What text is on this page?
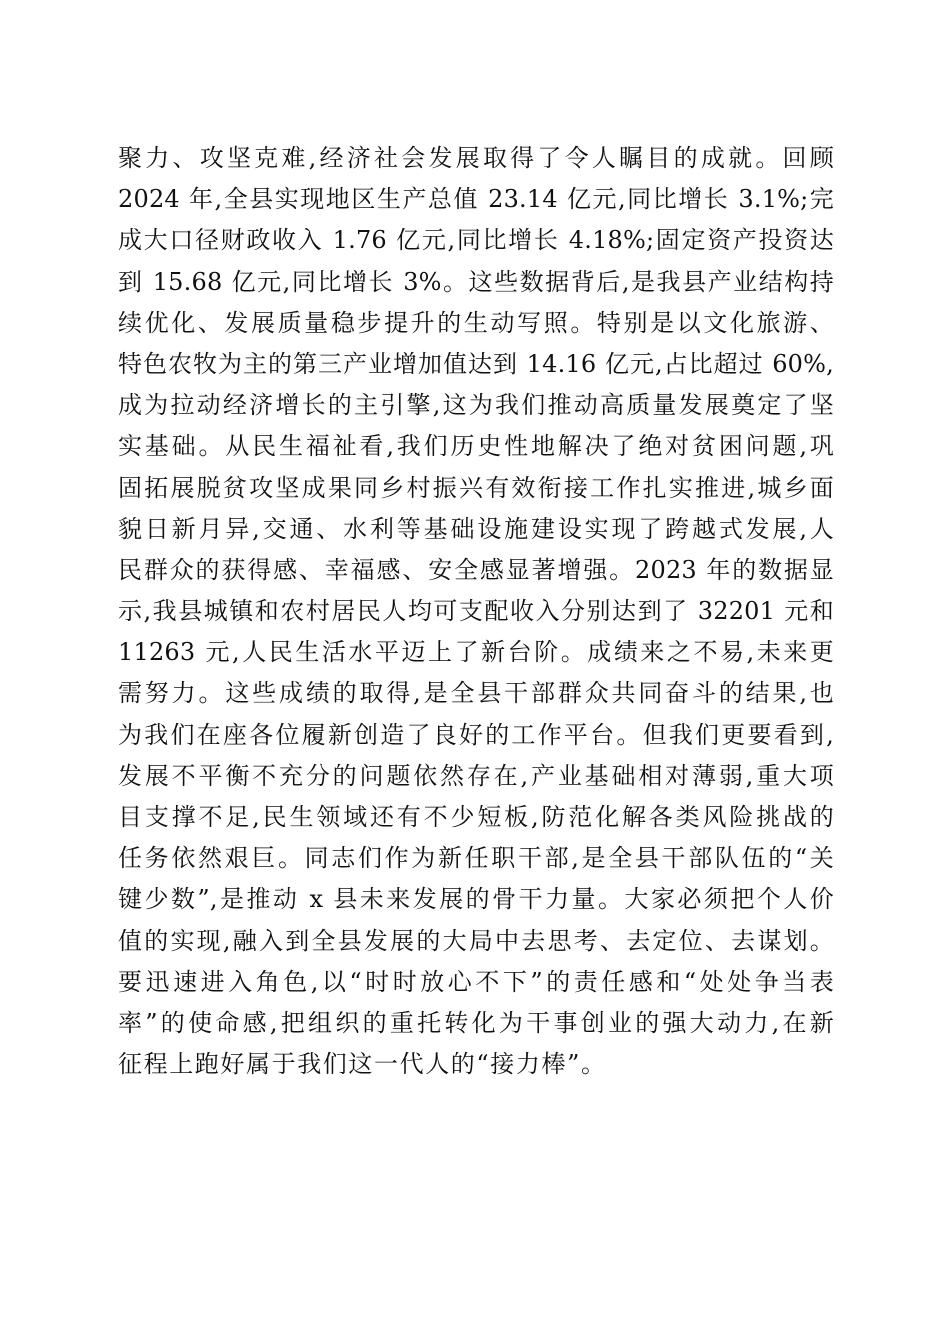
聚力、攻坚克难,经济社会发展取得了令人瞩目的成就。回顾
2024 年,全县实现地区生产总值 23.14 亿元,同比增长 3.1%;完
成大口径财政收入 1.76 亿元,同比增长 4.18%;固定资产投资达
到 15.68 亿元,同比增长 3%。这些数据背后,是我县产业结构持
续优化、发展质量稳步提升的生动写照。特别是以文化旅游、
特色农牧为主的第三产业增加值达到 14.16 亿元,占比超过 60%,
成为拉动经济增长的主引擎,这为我们推动高质量发展奠定了坚
实基础。从民生福祉看,我们历史性地解决了绝对贫困问题,巩
固拓展脱贫攻坚成果同乡村振兴有效衔接工作扎实推进,城乡面
貌日新月异,交通、水利等基础设施建设实现了跨越式发展,人
民群众的获得感、幸福感、安全感显著增强。2023 年的数据显
示,我县城镇和农村居民人均可支配收入分别达到了 32201 元和
11263 元,人民生活水平迈上了新台阶。成绩来之不易,未来更
需努力。这些成绩的取得,是全县干部群众共同奋斗的结果,也
为我们在座各位履新创造了良好的工作平台。但我们更要看到,
发展不平衡不充分的问题依然存在,产业基础相对薄弱,重大项
目支撑不足,民生领域还有不少短板,防范化解各类风险挑战的
任务依然艰巨。同志们作为新任职干部,是全县干部队伍的“关
键少数”,是推动 x 县未来发展的骨干力量。大家必须把个人价
值的实现,融入到全县发展的大局中去思考、去定位、去谋划。
要迅速进入角色,以“时时放心不下”的责任感和“处处争当表
率”的使命感,把组织的重托转化为干事创业的强大动力,在新
征程上跑好属于我们这一代人的“接力棒”。
